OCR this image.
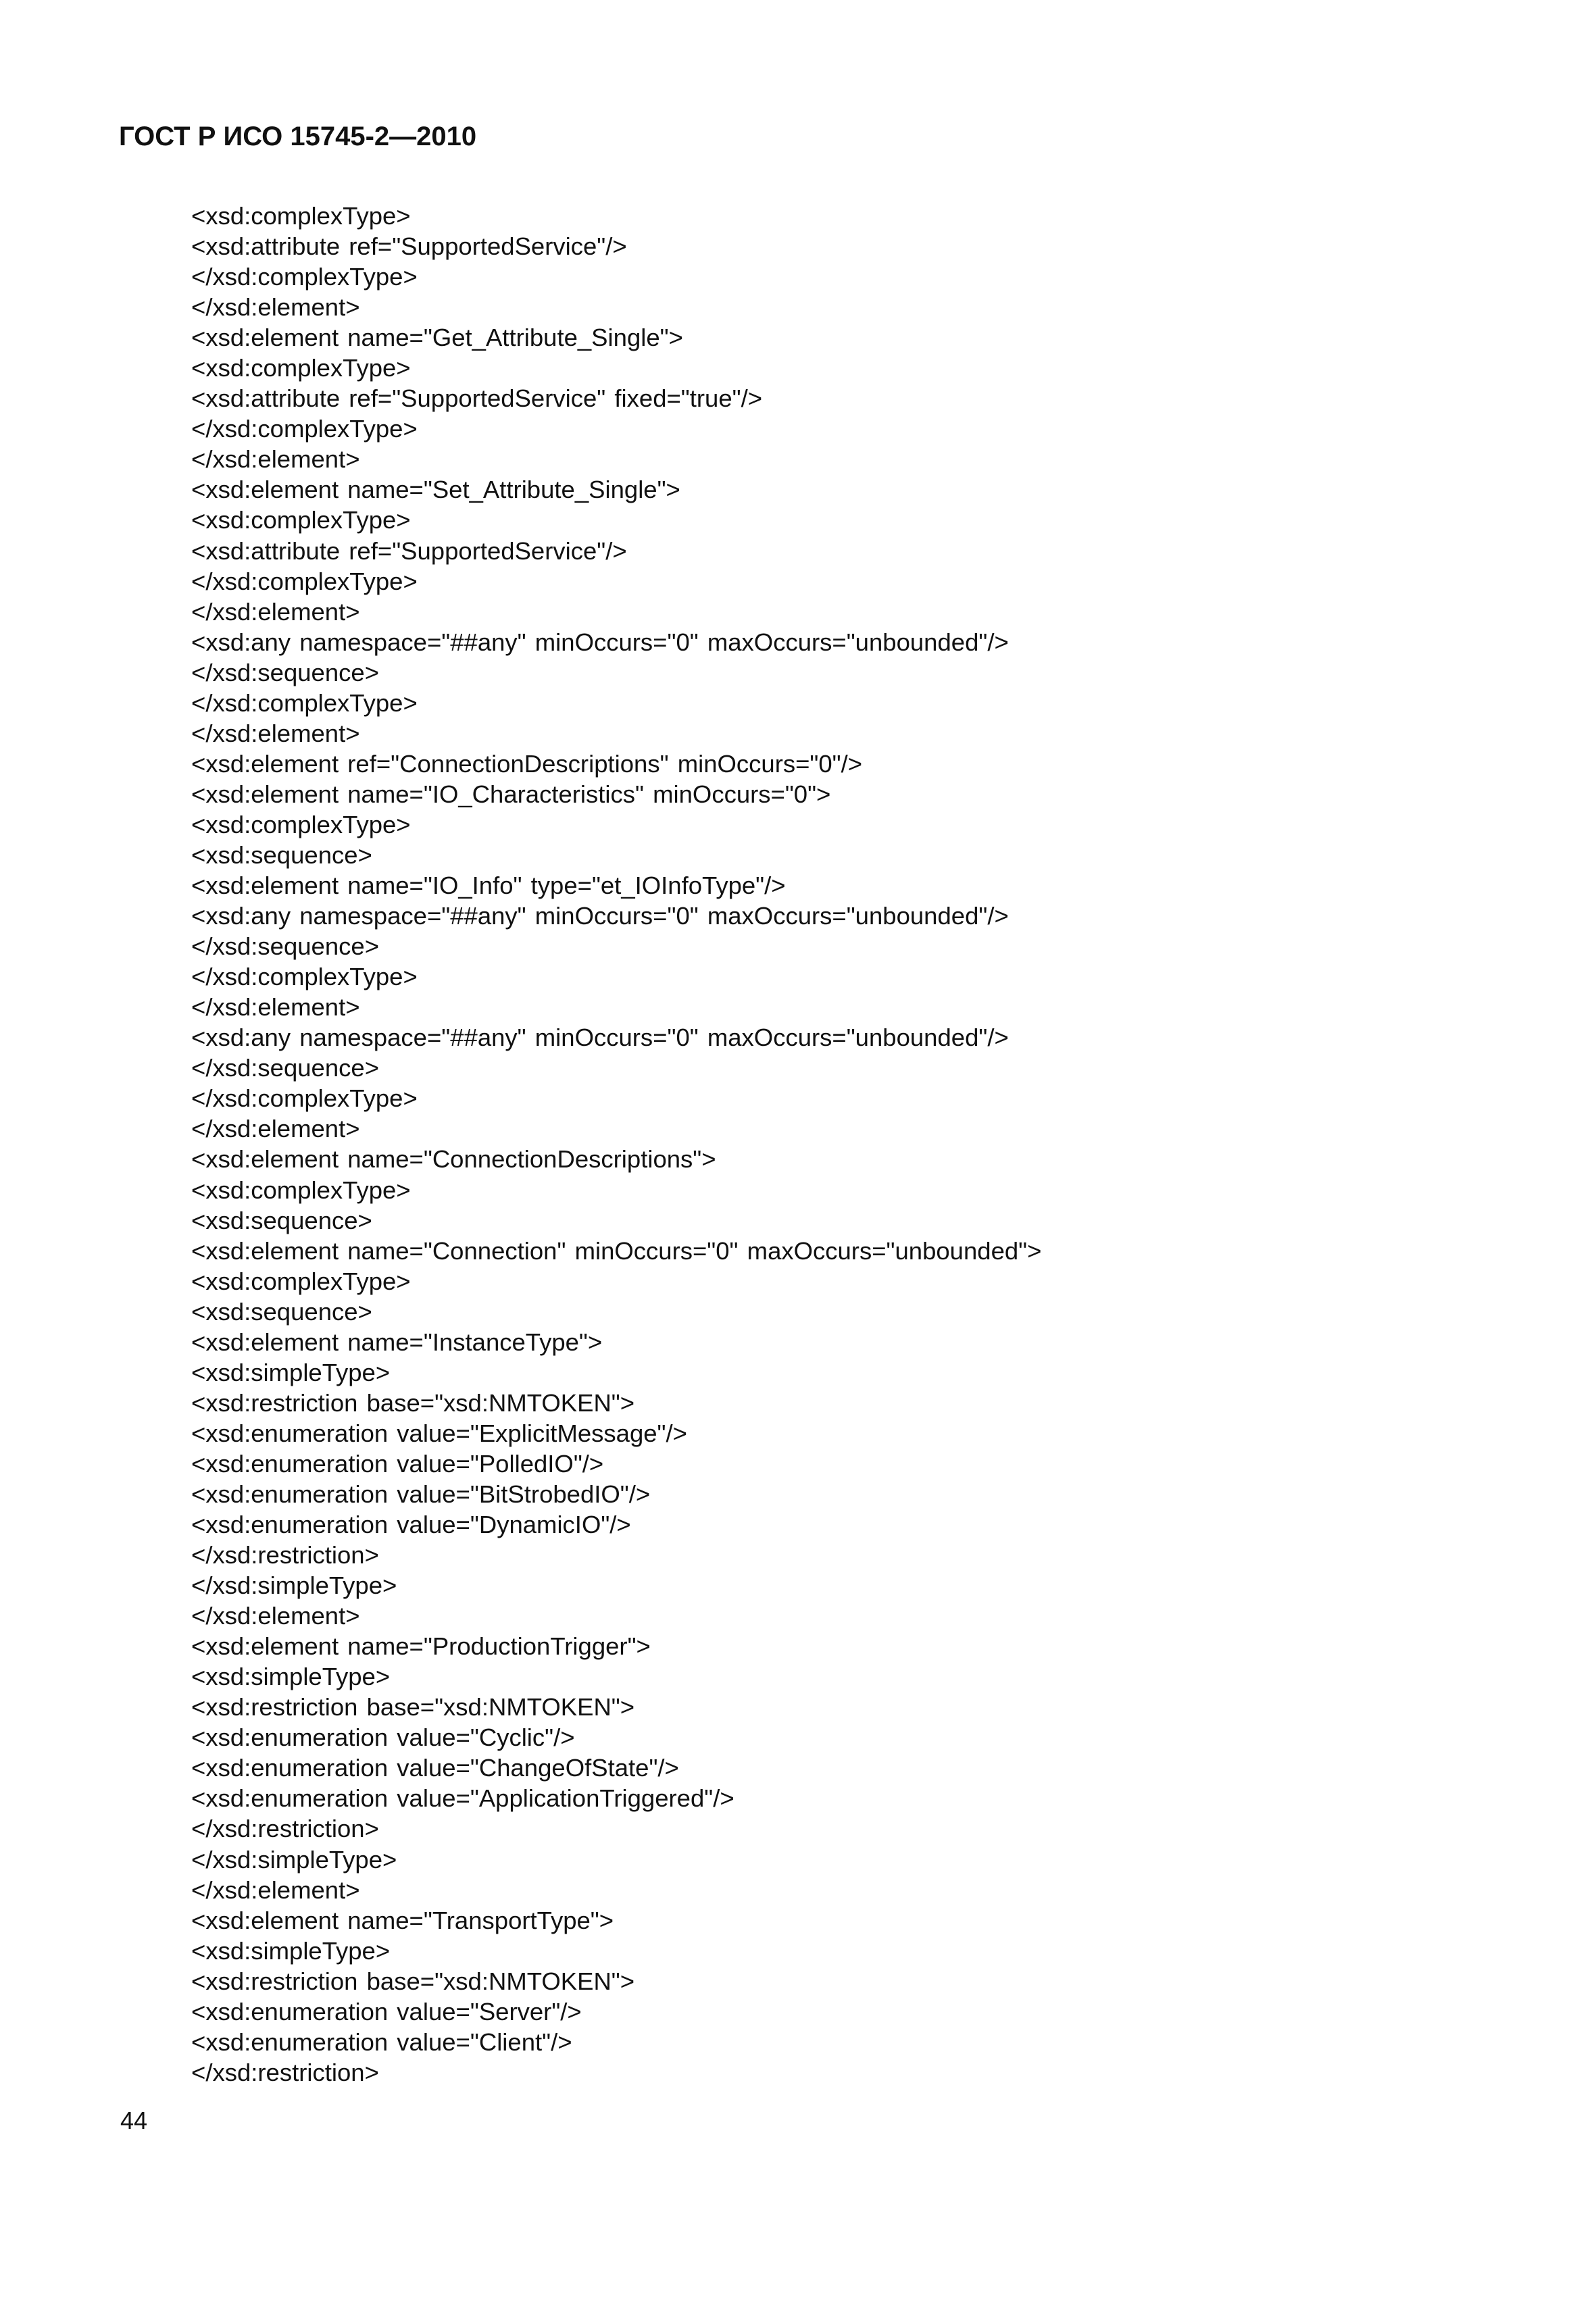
ГОСТ Р ИСО 15745-2—2010
<xsd:complexType>
<xsd:attribute ref="SupportedService"/>
</xsd:complexType>
</xsd:element>
<xsd:element name="Get_Attribute_Single">
<xsd:complexType>
<xsd:attribute ref="SupportedService" fixed="true"/>
</xsd:complexType>
</xsd:element>
<xsd:element name="Set_Attribute_Single">
<xsd:complexType>
<xsd:attribute ref="SupportedService"/>
</xsd:complexType>
</xsd:element>
<xsd:any namespace="##any" minOccurs="0" maxOccurs="unbounded"/>
</xsd:sequence>
</xsd:complexType>
</xsd:element>
<xsd:element ref="ConnectionDescriptions" minOccurs="0"/>
<xsd:element name="IO_Characteristics" minOccurs="0">
<xsd:complexType>
<xsd:sequence>
<xsd:element name="IO_Info" type="et_IOInfoType"/>
<xsd:any namespace="##any" minOccurs="0" maxOccurs="unbounded"/>
</xsd:sequence>
</xsd:complexType>
</xsd:element>
<xsd:any namespace="##any" minOccurs="0" maxOccurs="unbounded"/>
</xsd:sequence>
</xsd:complexType>
</xsd:element>
<xsd:element name="ConnectionDescriptions">
<xsd:complexType>
<xsd:sequence>
<xsd:element name="Connection" minOccurs="0" maxOccurs="unbounded">
<xsd:complexType>
<xsd:sequence>
<xsd:element name="InstanceType">
<xsd:simpleType>
<xsd:restriction base="xsd:NMTOKEN">
<xsd:enumeration value="ExplicitMessage"/>
<xsd:enumeration value="PolledIO"/>
<xsd:enumeration value="BitStrobedIO"/>
<xsd:enumeration value="DynamicIO"/>
</xsd:restriction>
</xsd:simpleType>
</xsd:element>
<xsd:element name="ProductionTrigger">
<xsd:simpleType>
<xsd:restriction base="xsd:NMTOKEN">
<xsd:enumeration value="Cyclic"/>
<xsd:enumeration value="ChangeOfState"/>
<xsd:enumeration value="ApplicationTriggered"/>
</xsd:restriction>
</xsd:simpleType>
</xsd:element>
<xsd:element name="TransportType">
<xsd:simpleType>
<xsd:restriction base="xsd:NMTOKEN">
<xsd:enumeration value="Server"/>
<xsd:enumeration value="Client"/>
</xsd:restriction>
44
